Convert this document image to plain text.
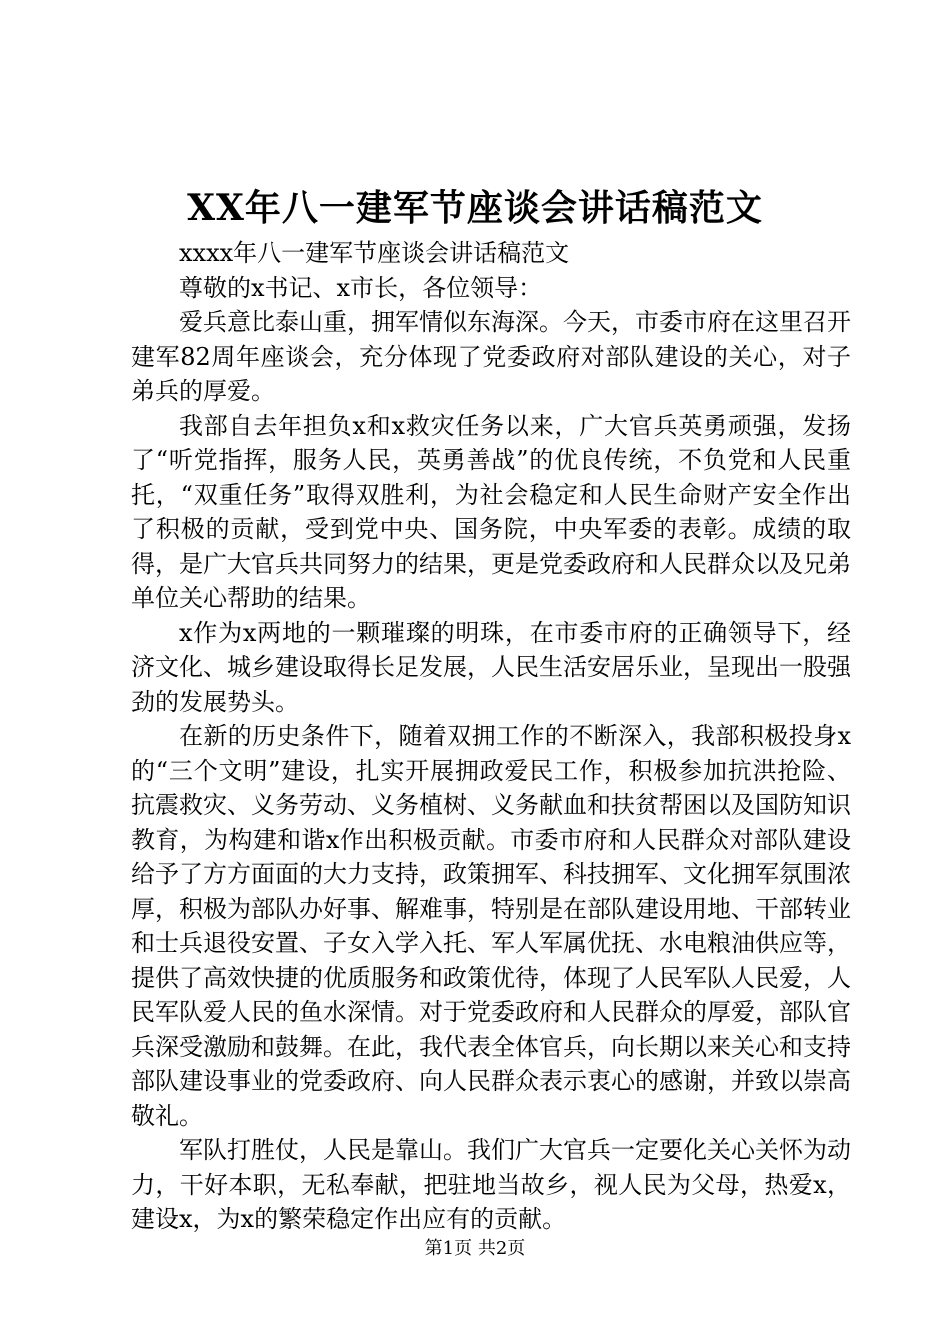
XX年八一建军节座谈会讲话稿范文

xxxx年八一建军节座谈会讲话稿范文

尊敬的x书记、x市长，各位领导：

爱兵意比泰山重，拥军情似东海深。今天，市委市府在这里召开建军82周年座谈会，充分体现了党委政府对部队建设的关心，对子弟兵的厚爱。

我部自去年担负x和x救灾任务以来，广大官兵英勇顽强，发扬了“听党指挥，服务人民，英勇善战”的优良传统，不负党和人民重托，“双重任务”取得双胜利，为社会稳定和人民生命财产安全作出了积极的贡献，受到党中央、国务院，中央军委的表彰。成绩的取得，是广大官兵共同努力的结果，更是党委政府和人民群众以及兄弟单位关心帮助的结果。

x作为x两地的一颗璀璨的明珠，在市委市府的正确领导下，经济文化、城乡建设取得长足发展，人民生活安居乐业，呈现出一股强劲的发展势头。

在新的历史条件下，随着双拥工作的不断深入，我部积极投身x的“三个文明”建设，扎实开展拥政爱民工作，积极参加抗洪抢险、抗震救灾、义务劳动、义务植树、义务献血和扶贫帮困以及国防知识教育，为构建和谐x作出积极贡献。市委市府和人民群众对部队建设给予了方方面面的大力支持，政策拥军、科技拥军、文化拥军氛围浓厚，积极为部队办好事、解难事，特别是在部队建设用地、干部转业和士兵退役安置、子女入学入托、军人军属优抚、水电粮油供应等，提供了高效快捷的优质服务和政策优待，体现了人民军队人民爱，人民军队爱人民的鱼水深情。对于党委政府和人民群众的厚爱，部队官兵深受激励和鼓舞。在此，我代表全体官兵，向长期以来关心和支持部队建设事业的党委政府、向人民群众表示衷心的感谢，并致以崇高敬礼。

军队打胜仗，人民是靠山。我们广大官兵一定要化关心关怀为动力，干好本职，无私奉献，把驻地当故乡，视人民为父母，热爱x，建设x，为x的繁荣稳定作出应有的贡献。

第1页 共2页
